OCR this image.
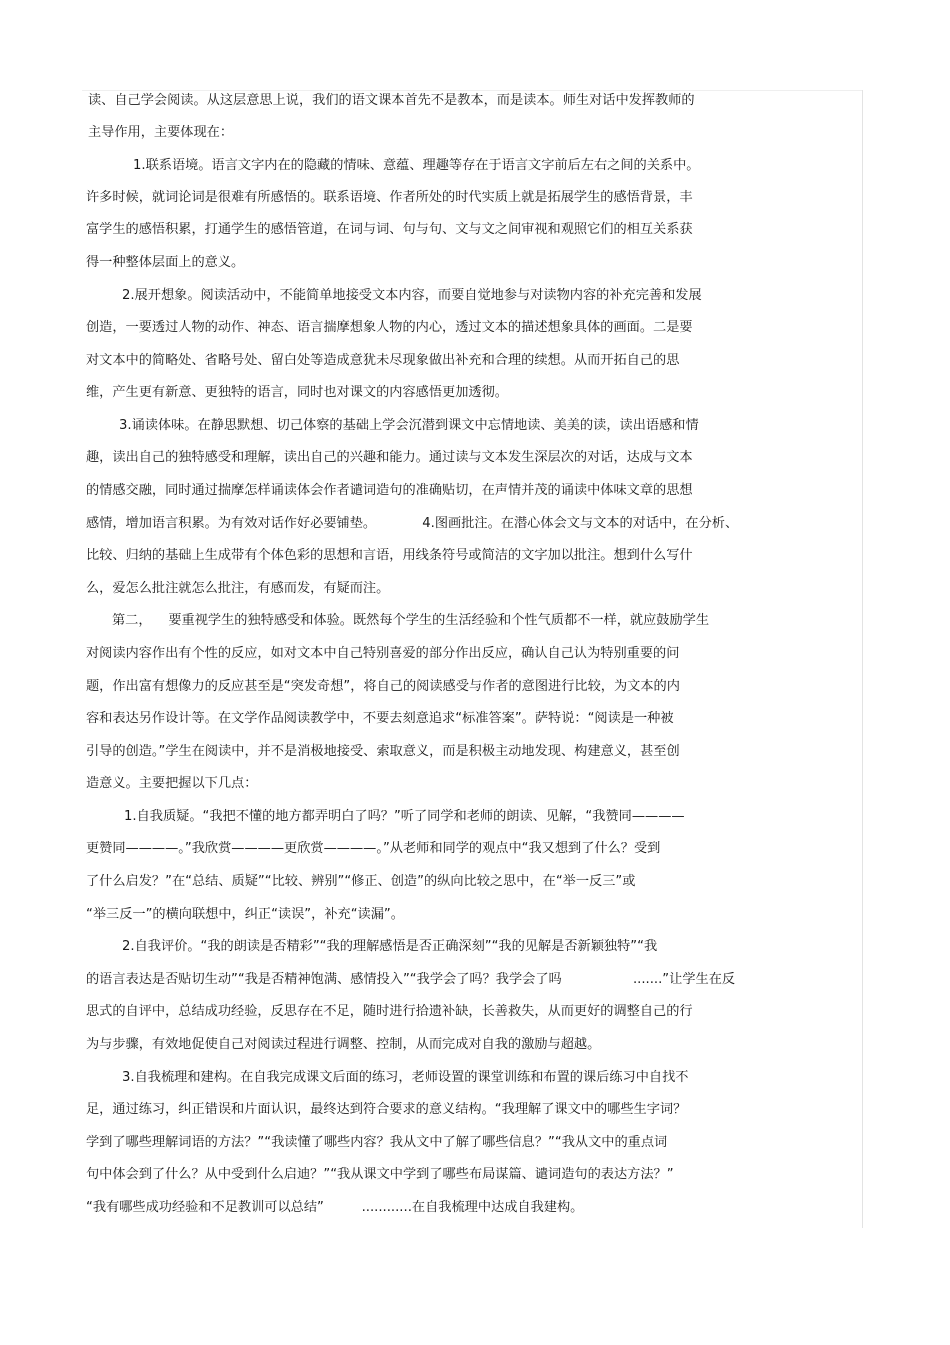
读、自己学会阅读。从这层意思上说，我们的语文课本首先不是教本，而是读本。师生对话中发挥教师的
主导作用，主要体现在：
1.联系语境。语言文字内在的隐藏的情味、意蕴、理趣等存在于语言文字前后左右之间的关系中。
许多时候，就词论词是很难有所感悟的。联系语境、作者所处的时代实质上就是拓展学生的感悟背景，丰
富学生的感悟积累，打通学生的感悟管道，在词与词、句与句、文与文之间审视和观照它们的相互关系获
得一种整体层面上的意义。
2.展开想象。阅读活动中，不能简单地接受文本内容，而要自觉地参与对读物内容的补充完善和发展
创造，一要透过人物的动作、神态、语言揣摩想象人物的内心，透过文本的描述想象具体的画面。二是要
对文本中的简略处、省略号处、留白处等造成意犹未尽现象做出补充和合理的续想。从而开拓自己的思
维，产生更有新意、更独特的语言，同时也对课文的内容感悟更加透彻。
3.诵读体味。在静思默想、切己体察的基础上学会沉潜到课文中忘情地读、美美的读，读出语感和情
趣，读出自己的独特感受和理解，读出自己的兴趣和能力。通过读与文本发生深层次的对话，达成与文本
的情感交融，同时通过揣摩怎样诵读体会作者谴词造句的准确贴切，在声情并茂的诵读中体味文章的思想
感情，增加语言积累。为有效对话作好必要铺垫。           4.图画批注。在潜心体会文与文本的对话中，在分析、
比较、归纳的基础上生成带有个体色彩的思想和言语，用线条符号或简洁的文字加以批注。想到什么写什
么，爱怎么批注就怎么批注，有感而发，有疑而注。
第二，    要重视学生的独特感受和体验。既然每个学生的生活经验和个性气质都不一样，就应鼓励学生
对阅读内容作出有个性的反应，如对文本中自己特别喜爱的部分作出反应，确认自己认为特别重要的问
题，作出富有想像力的反应甚至是“突发奇想”，将自己的阅读感受与作者的意图进行比较，为文本的内
容和表达另作设计等。在文学作品阅读教学中，不要去刻意追求“标准答案”。萨特说：“阅读是一种被
引导的创造。”学生在阅读中，并不是消极地接受、索取意义，而是积极主动地发现、构建意义，甚至创
造意义。主要把握以下几点：
1.自我质疑。“我把不懂的地方都弄明白了吗？”听了同学和老师的朗读、见解，“我赞同————
更赞同————。”我欣赏————更欣赏————。”从老师和同学的观点中“我又想到了什么？受到
了什么启发？”在“总结、质疑”“比较、辨别”“修正、创造”的纵向比较之思中，在“举一反三”或
“举三反一”的横向联想中，纠正“读误”，补充“读漏”。
2.自我评价。“我的朗读是否精彩”“我的理解感悟是否正确深刻”“我的见解是否新颖独特”“我
的语言表达是否贴切生动”“我是否精神饱满、感情投入”“我学会了吗？我学会了吗                 .......”让学生在反
思式的自评中，总结成功经验，反思存在不足，随时进行拾遗补缺，长善救失，从而更好的调整自己的行
为与步骤，有效地促使自己对阅读过程进行调整、控制，从而完成对自我的激励与超越。
3.自我梳理和建构。在自我完成课文后面的练习，老师设置的课堂训练和布置的课后练习中自找不
足，通过练习，纠正错误和片面认识，最终达到符合要求的意义结构。“我理解了课文中的哪些生字词？
学到了哪些理解词语的方法？”“我读懂了哪些内容？我从文中了解了哪些信息？”“我从文中的重点词
句中体会到了什么？从中受到什么启迪？”“我从课文中学到了哪些布局谋篇、谴词造句的表达方法？”
“我有哪些成功经验和不足教训可以总结”         ............在自我梳理中达成自我建构。
